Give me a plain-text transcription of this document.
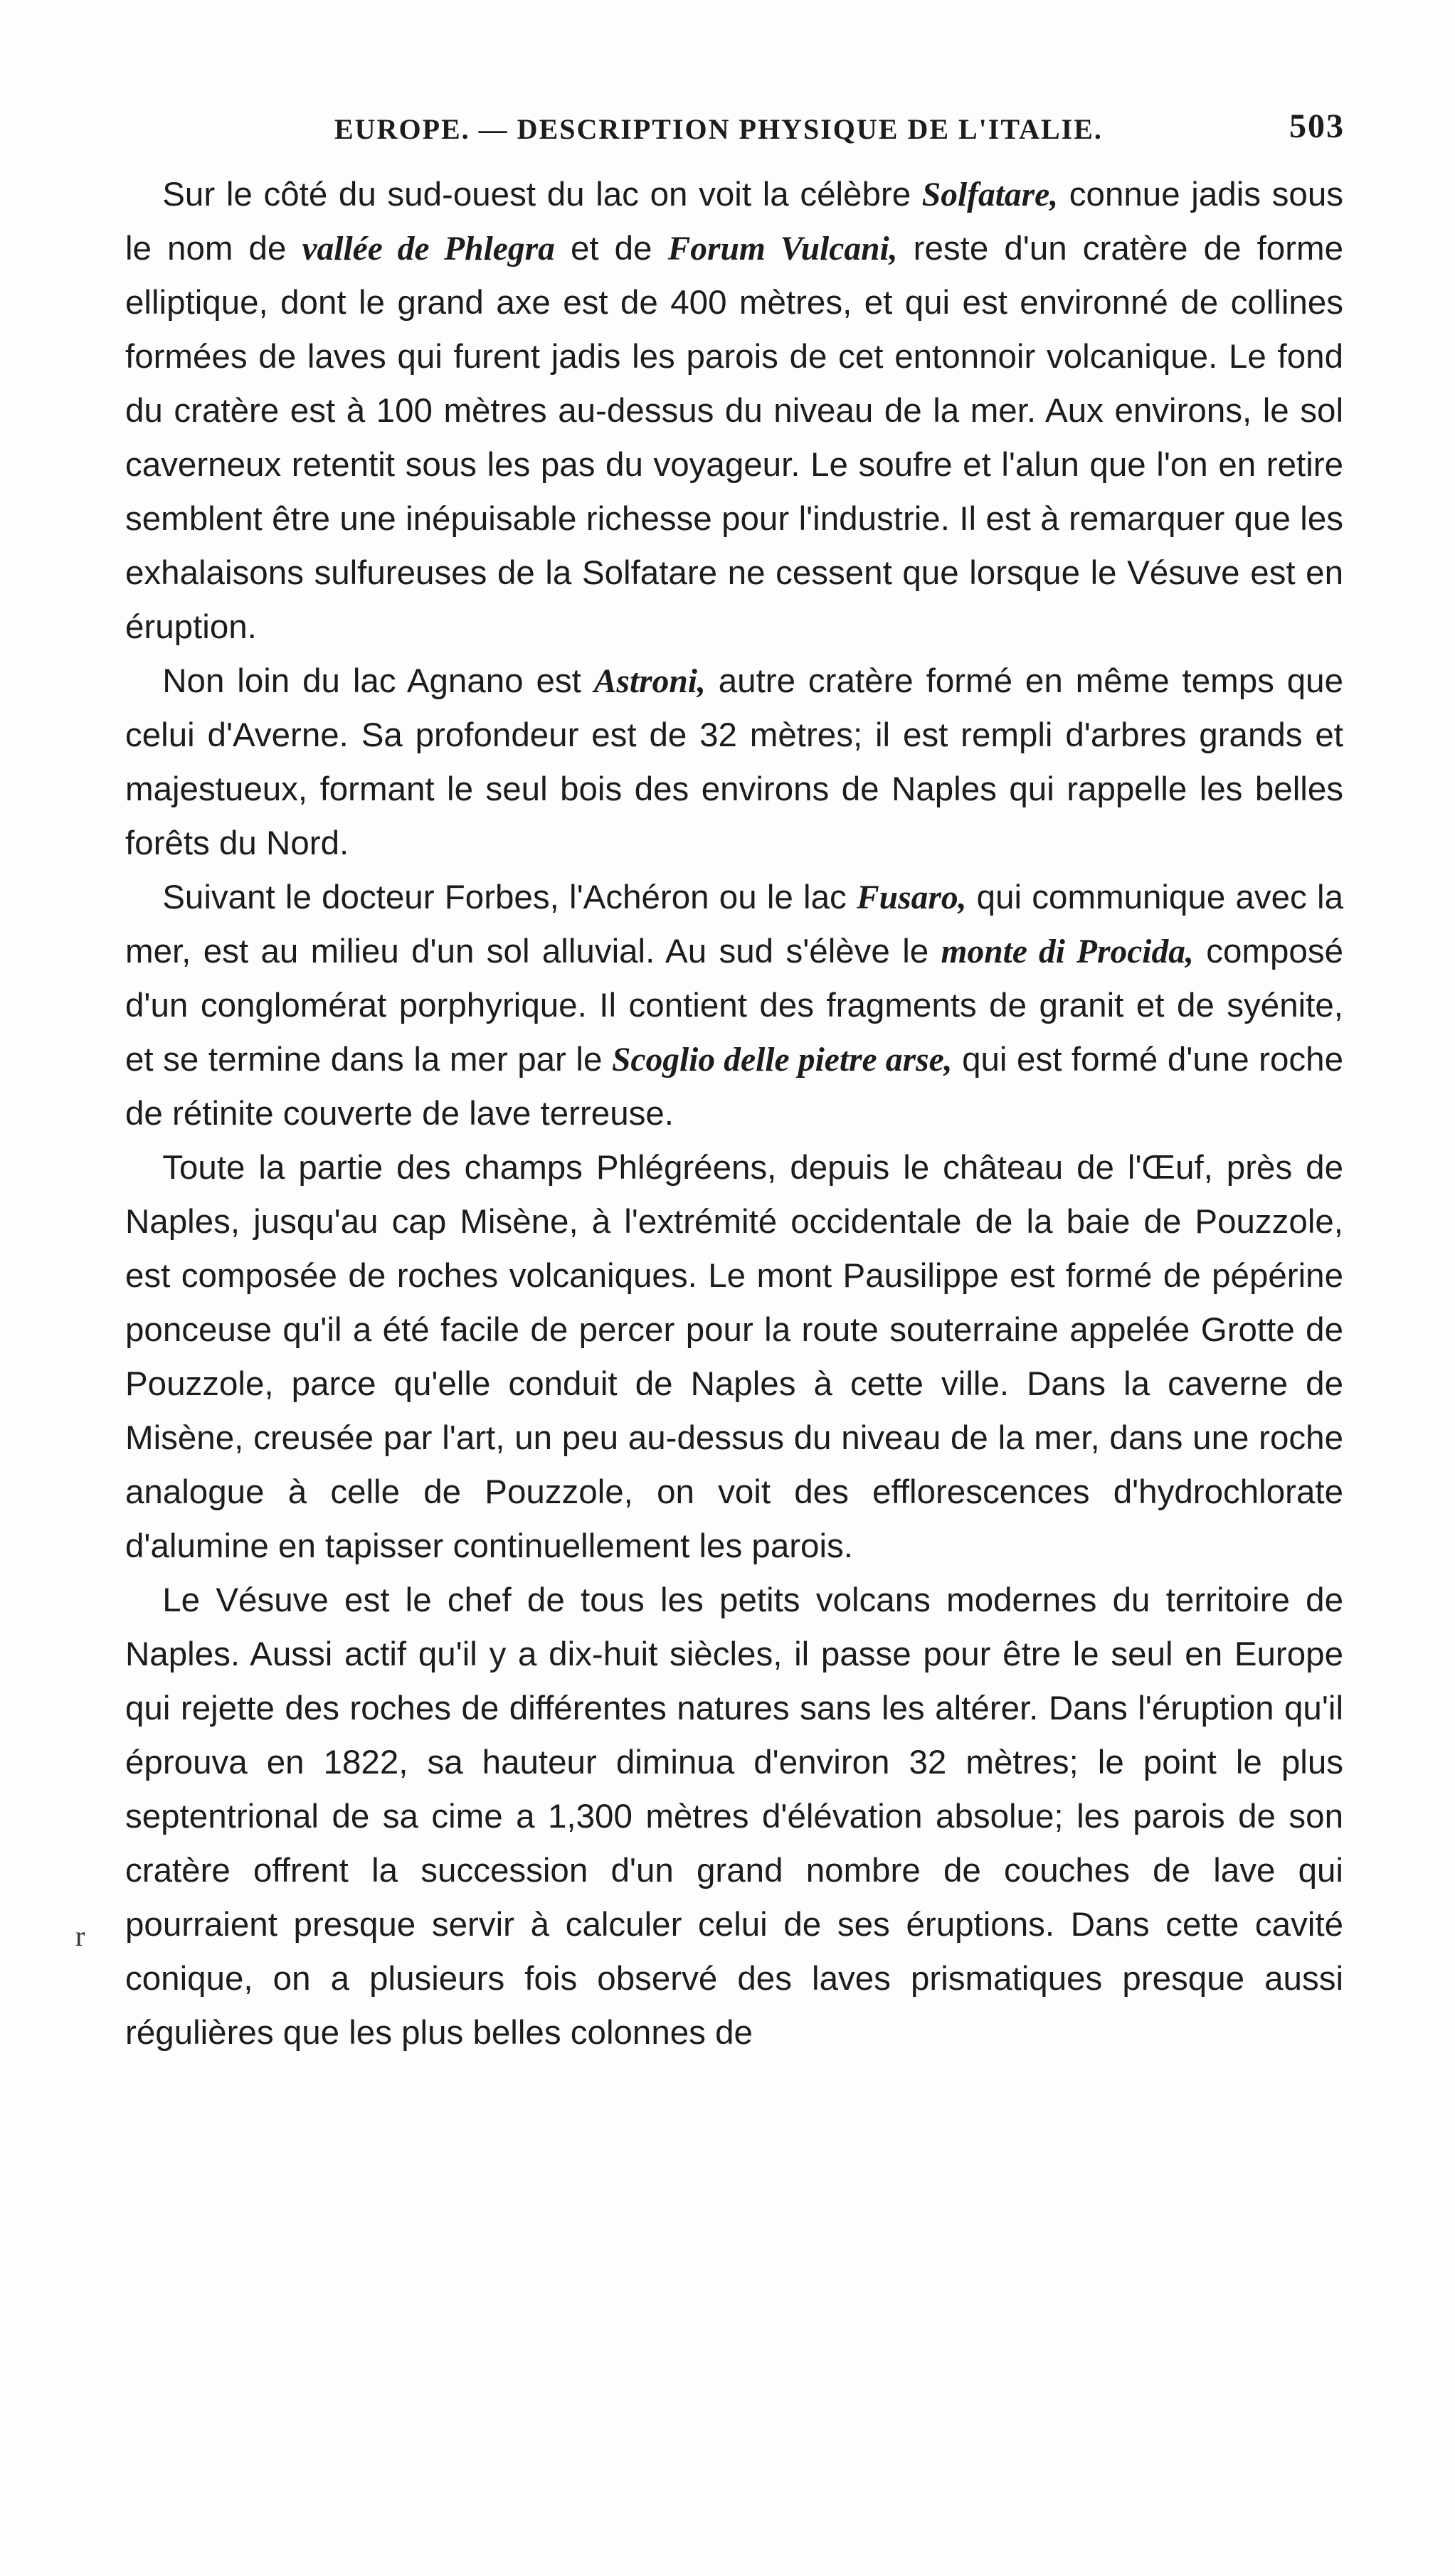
EUROPE. — DESCRIPTION PHYSIQUE DE L'ITALIE.	503
r

Sur le côté du sud-ouest du lac on voit la célèbre Solfatare, connue jadis sous le nom de vallée de Phlegra et de Forum Vulcani, reste d'un cratère de forme elliptique, dont le grand axe est de 400 mètres, et qui est environné de collines formées de laves qui furent jadis les parois de cet entonnoir volcanique. Le fond du cratère est à 100 mètres au-dessus du niveau de la mer. Aux environs, le sol caverneux retentit sous les pas du voyageur. Le soufre et l'alun que l'on en retire semblent être une inépuisable richesse pour l'industrie. Il est à remarquer que les exhalaisons sulfureuses de la Solfatare ne cessent que lorsque le Vésuve est en éruption.

Non loin du lac Agnano est Astroni, autre cratère formé en même temps que celui d'Averne. Sa profondeur est de 32 mètres; il est rempli d'arbres grands et majestueux, formant le seul bois des environs de Naples qui rappelle les belles forêts du Nord.

Suivant le docteur Forbes, l'Achéron ou le lac Fusaro, qui communique avec la mer, est au milieu d'un sol alluvial. Au sud s'élève le monte di Procida, composé d'un conglomérat porphyrique. Il contient des fragments de granit et de syénite, et se termine dans la mer par le Scoglio delle pietre arse, qui est formé d'une roche de rétinite couverte de lave terreuse.

Toute la partie des champs Phlégréens, depuis le château de l'Œuf, près de Naples, jusqu'au cap Misène, à l'extrémité occidentale de la baie de Pouzzole, est composée de roches volcaniques. Le mont Pausilippe est formé de pépérine ponceuse qu'il a été facile de percer pour la route souterraine appelée Grotte de Pouzzole, parce qu'elle conduit de Naples à cette ville. Dans la caverne de Misène, creusée par l'art, un peu au-dessus du niveau de la mer, dans une roche analogue à celle de Pouzzole, on voit des efflorescences d'hydrochlorate d'alumine en tapisser continuellement les parois.

Le Vésuve est le chef de tous les petits volcans modernes du territoire de Naples. Aussi actif qu'il y a dix-huit siècles, il passe pour être le seul en Europe qui rejette des roches de différentes natures sans les altérer. Dans l'éruption qu'il éprouva en 1822, sa hauteur diminua d'environ 32 mètres; le point le plus septentrional de sa cime a 1,300 mètres d'élévation absolue; les parois de son cratère offrent la succession d'un grand nombre de couches de lave qui pourraient presque servir à calculer celui de ses éruptions. Dans cette cavité conique, on a plusieurs fois observé des laves prismatiques presque aussi régulières que les plus belles colonnes de
